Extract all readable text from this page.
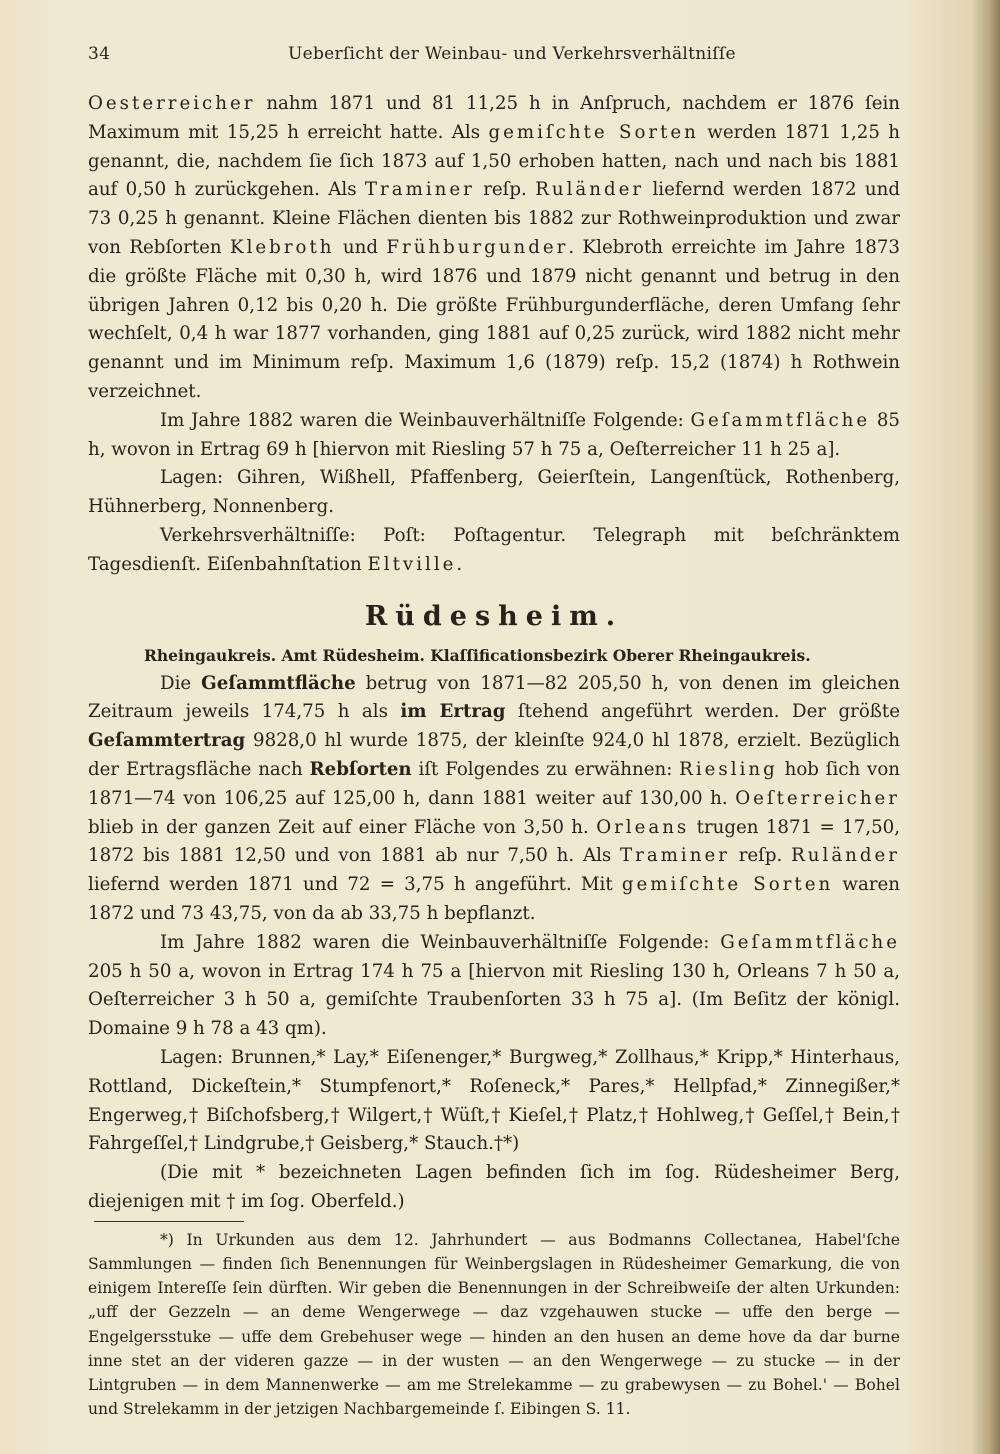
34	Ueberſicht der Weinbau- und Verkehrsverhältniſſe

Oesterreicher nahm 1871 und 81 11,25 h in Anſpruch, nachdem er 1876 ſein Maximum mit 15,25 h erreicht hatte. Als gemiſchte Sorten werden 1871 1,25 h genannt, die, nachdem ſie ſich 1873 auf 1,50 erhoben hatten, nach und nach bis 1881 auf 0,50 h zurückgehen. Als Traminer reſp. Ruländer liefernd werden 1872 und 73 0,25 h genannt. Kleine Flächen dienten bis 1882 zur Rothweinproduktion und zwar von Rebſorten Klebroth und Frühburgunder. Klebroth erreichte im Jahre 1873 die größte Fläche mit 0,30 h, wird 1876 und 1879 nicht genannt und betrug in den übrigen Jahren 0,12 bis 0,20 h. Die größte Frühburgunderfläche, deren Umfang ſehr wechſelt, 0,4 h war 1877 vorhanden, ging 1881 auf 0,25 zurück, wird 1882 nicht mehr genannt und im Minimum reſp. Maximum 1,6 (1879) reſp. 15,2 (1874) h Rothwein verzeichnet.

Im Jahre 1882 waren die Weinbauverhältniſſe Folgende: Geſammtfläche 85 h, wovon in Ertrag 69 h [hiervon mit Riesling 57 h 75 a, Oeſterreicher 11 h 25 a].

Lagen: Gihren, Wißhell, Pfaffenberg, Geierſtein, Langenſtück, Rothenberg, Hühnerberg, Nonnenberg.

Verkehrsverhältniſſe: Poſt: Poſtagentur. Telegraph mit beſchränktem Tagesdienſt. Eiſenbahnſtation Eltville.

Rüdesheim.
Rheingaukreis. Amt Rüdesheim. Klaſſificationsbezirk Oberer Rheingaukreis.

Die Geſammtfläche betrug von 1871—82 205,50 h, von denen im gleichen Zeitraum jeweils 174,75 h als im Ertrag ſtehend angeführt werden. Der größte Geſammtertrag 9828,0 hl wurde 1875, der kleinſte 924,0 hl 1878, erzielt. Bezüglich der Ertragsfläche nach Rebſorten iſt Folgendes zu erwähnen: Riesling hob ſich von 1871—74 von 106,25 auf 125,00 h, dann 1881 weiter auf 130,00 h. Oeſterreicher blieb in der ganzen Zeit auf einer Fläche von 3,50 h. Orleans trugen 1871 = 17,50, 1872 bis 1881 12,50 und von 1881 ab nur 7,50 h. Als Traminer reſp. Ruländer liefernd werden 1871 und 72 = 3,75 h angeführt. Mit gemiſchte Sorten waren 1872 und 73 43,75, von da ab 33,75 h bepflanzt.

Im Jahre 1882 waren die Weinbauverhältniſſe Folgende: Geſammtfläche 205 h 50 a, wovon in Ertrag 174 h 75 a [hiervon mit Riesling 130 h, Orleans 7 h 50 a, Oeſterreicher 3 h 50 a, gemiſchte Traubenſorten 33 h 75 a]. (Im Beſitz der königl. Domaine 9 h 78 a 43 qm).

Lagen: Brunnen,* Lay,* Eiſenenger,* Burgweg,* Zollhaus,* Kripp,* Hinterhaus, Rottland, Dickeſtein,* Stumpfenort,* Roſeneck,* Pares,* Hellpfad,* Zinnegißer,* Engerweg,† Biſchofsberg,† Wilgert,† Wüſt,† Kieſel,† Platz,† Hohlweg,† Geſſel,† Bein,† Fahrgeſſel,† Lindgrube,† Geisberg,* Stauch.†*)

(Die mit * bezeichneten Lagen befinden ſich im ſog. Rüdesheimer Berg, diejenigen mit † im ſog. Oberfeld.)

*) In Urkunden aus dem 12. Jahrhundert — aus Bodmanns Collectanea, Habel'ſche Sammlungen — finden ſich Benennungen für Weinbergslagen in Rüdesheimer Gemarkung, die von einigem Intereſſe ſein dürften. Wir geben die Benennungen in der Schreibweiſe der alten Urkunden: „uff der Gezzeln — an deme Wengerwege — daz vzgehauwen stucke — uffe den berge — Engelgersstuke — uffe dem Grebehuser wege — hinden an den husen an deme hove da dar burne inne stet an der videren gazze — in der wusten — an den Wengerwege — zu stucke — in der Lintgruben — in dem Mannenwerke — am me Strelekamme — zu grabewysen — zu Bohel.' — Bohel und Strelekamm in der jetzigen Nachbargemeinde ſ. Eibingen S. 11.
